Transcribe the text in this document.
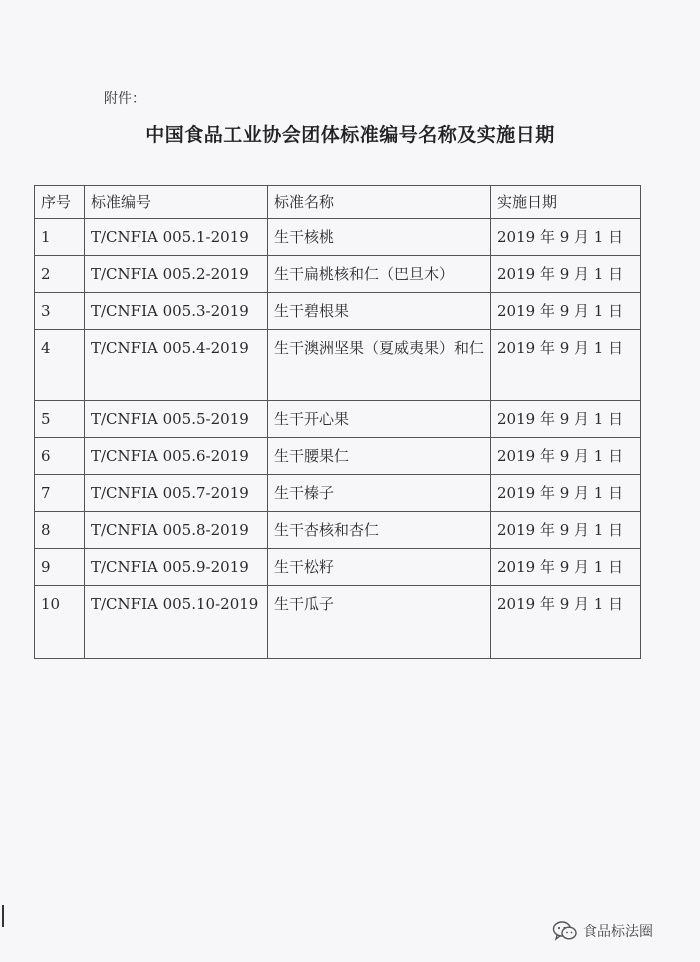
附件：
中国食品工业协会团体标准编号名称及实施日期
序号	标准编号	标准名称	实施日期
1	T/CNFIA 005.1-2019	生干核桃	2019 年 9 月 1 日
2	T/CNFIA 005.2-2019	生干扁桃核和仁（巴旦木）	2019 年 9 月 1 日
3	T/CNFIA 005.3-2019	生干碧根果	2019 年 9 月 1 日
4	T/CNFIA 005.4-2019	生干澳洲坚果（夏威夷果）和仁	2019 年 9 月 1 日
5	T/CNFIA 005.5-2019	生干开心果	2019 年 9 月 1 日
6	T/CNFIA 005.6-2019	生干腰果仁	2019 年 9 月 1 日
7	T/CNFIA 005.7-2019	生干榛子	2019 年 9 月 1 日
8	T/CNFIA 005.8-2019	生干杏核和杏仁	2019 年 9 月 1 日
9	T/CNFIA 005.9-2019	生干松籽	2019 年 9 月 1 日
10	T/CNFIA 005.10-2019	生干瓜子	2019 年 9 月 1 日
食品标法圈
